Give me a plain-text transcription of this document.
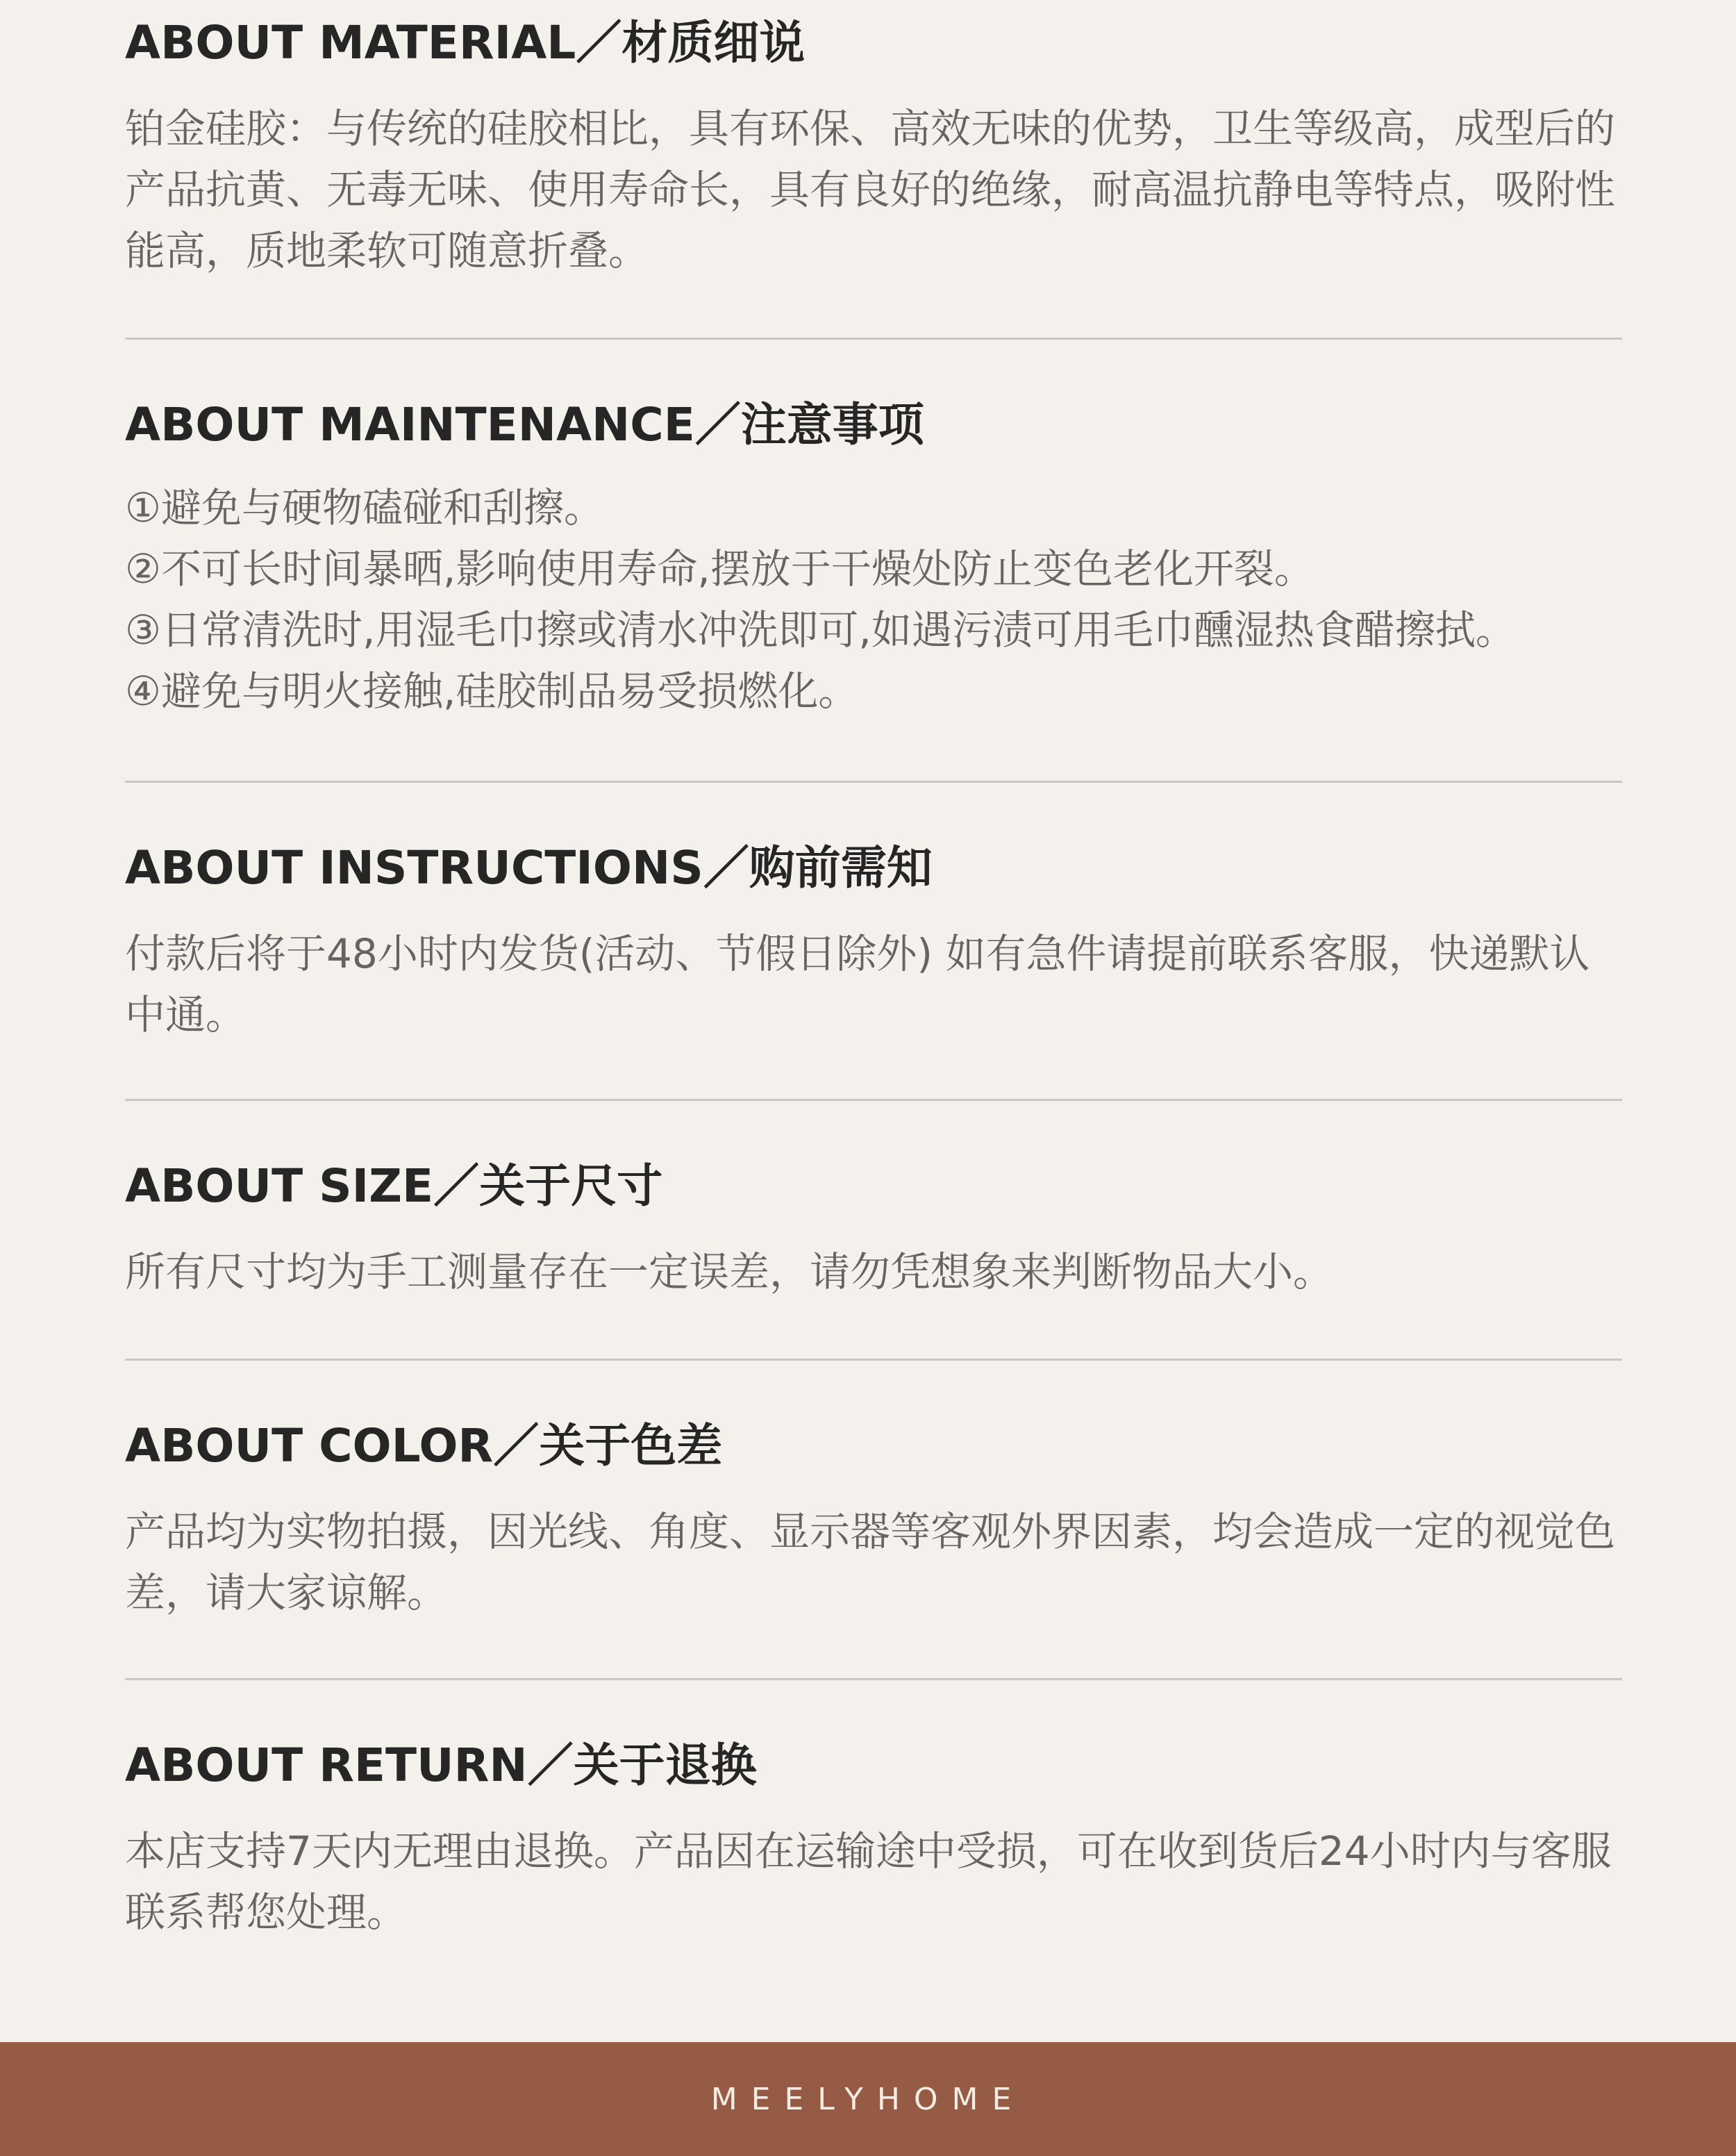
ABOUT MATERIAL／材质细说

铂金硅胶：与传统的硅胶相比，具有环保、高效无味的优势，卫生等级高，成型后的产品抗黄、无毒无味、使用寿命长，具有良好的绝缘，耐高温抗静电等特点，吸附性能高，质地柔软可随意折叠。

ABOUT MAINTENANCE／注意事项
①避免与硬物磕碰和刮擦。
②不可长时间暴晒,影响使用寿命,摆放于干燥处防止变色老化开裂。
③日常清洗时,用湿毛巾擦或清水冲洗即可,如遇污渍可用毛巾醺湿热食醋擦拭。
④避免与明火接触,硅胶制品易受损燃化。
ABOUT INSTRUCTIONS／购前需知

付款后将于48小时内发货(活动、节假日除外) 如有急件请提前联系客服，快递默认中通。

ABOUT SIZE／关于尺寸

所有尺寸均为手工测量存在一定误差，请勿凭想象来判断物品大小。

ABOUT COLOR／关于色差

产品均为实物拍摄，因光线、角度、显示器等客观外界因素，均会造成一定的视觉色差，请大家谅解。

ABOUT RETURN／关于退换

本店支持7天内无理由退换。产品因在运输途中受损，可在收到货后24小时内与客服联系帮您处理。

MEELYHOME
